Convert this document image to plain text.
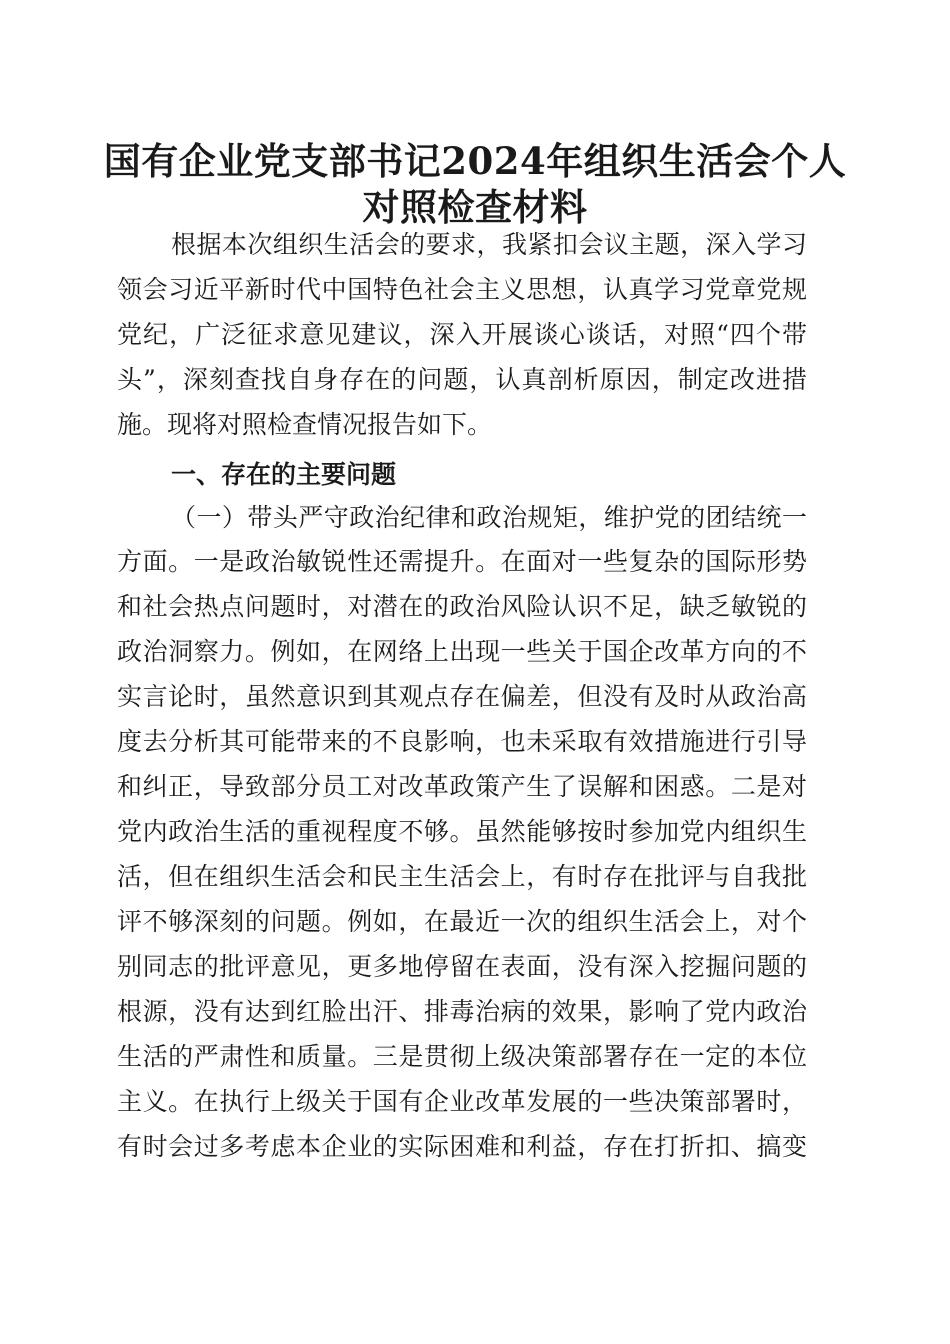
国有企业党支部书记2024年组织生活会个人
对照检查材料

根据本次组织生活会的要求，我紧扣会议主题，深入学习

领会习近平新时代中国特色社会主义思想，认真学习党章党规

党纪，广泛征求意见建议，深入开展谈心谈话，对照“四个带

头”，深刻查找自身存在的问题，认真剖析原因，制定改进措

施。现将对照检查情况报告如下。

一、存在的主要问题

（一）带头严守政治纪律和政治规矩，维护党的团结统一

方面。一是政治敏锐性还需提升。在面对一些复杂的国际形势

和社会热点问题时，对潜在的政治风险认识不足，缺乏敏锐的

政治洞察力。例如，在网络上出现一些关于国企改革方向的不

实言论时，虽然意识到其观点存在偏差，但没有及时从政治高

度去分析其可能带来的不良影响，也未采取有效措施进行引导

和纠正，导致部分员工对改革政策产生了误解和困惑。二是对

党内政治生活的重视程度不够。虽然能够按时参加党内组织生

活，但在组织生活会和民主生活会上，有时存在批评与自我批

评不够深刻的问题。例如，在最近一次的组织生活会上，对个

别同志的批评意见，更多地停留在表面，没有深入挖掘问题的

根源，没有达到红脸出汗、排毒治病的效果，影响了党内政治

生活的严肃性和质量。三是贯彻上级决策部署存在一定的本位

主义。在执行上级关于国有企业改革发展的一些决策部署时，

有时会过多考虑本企业的实际困难和利益，存在打折扣、搞变
